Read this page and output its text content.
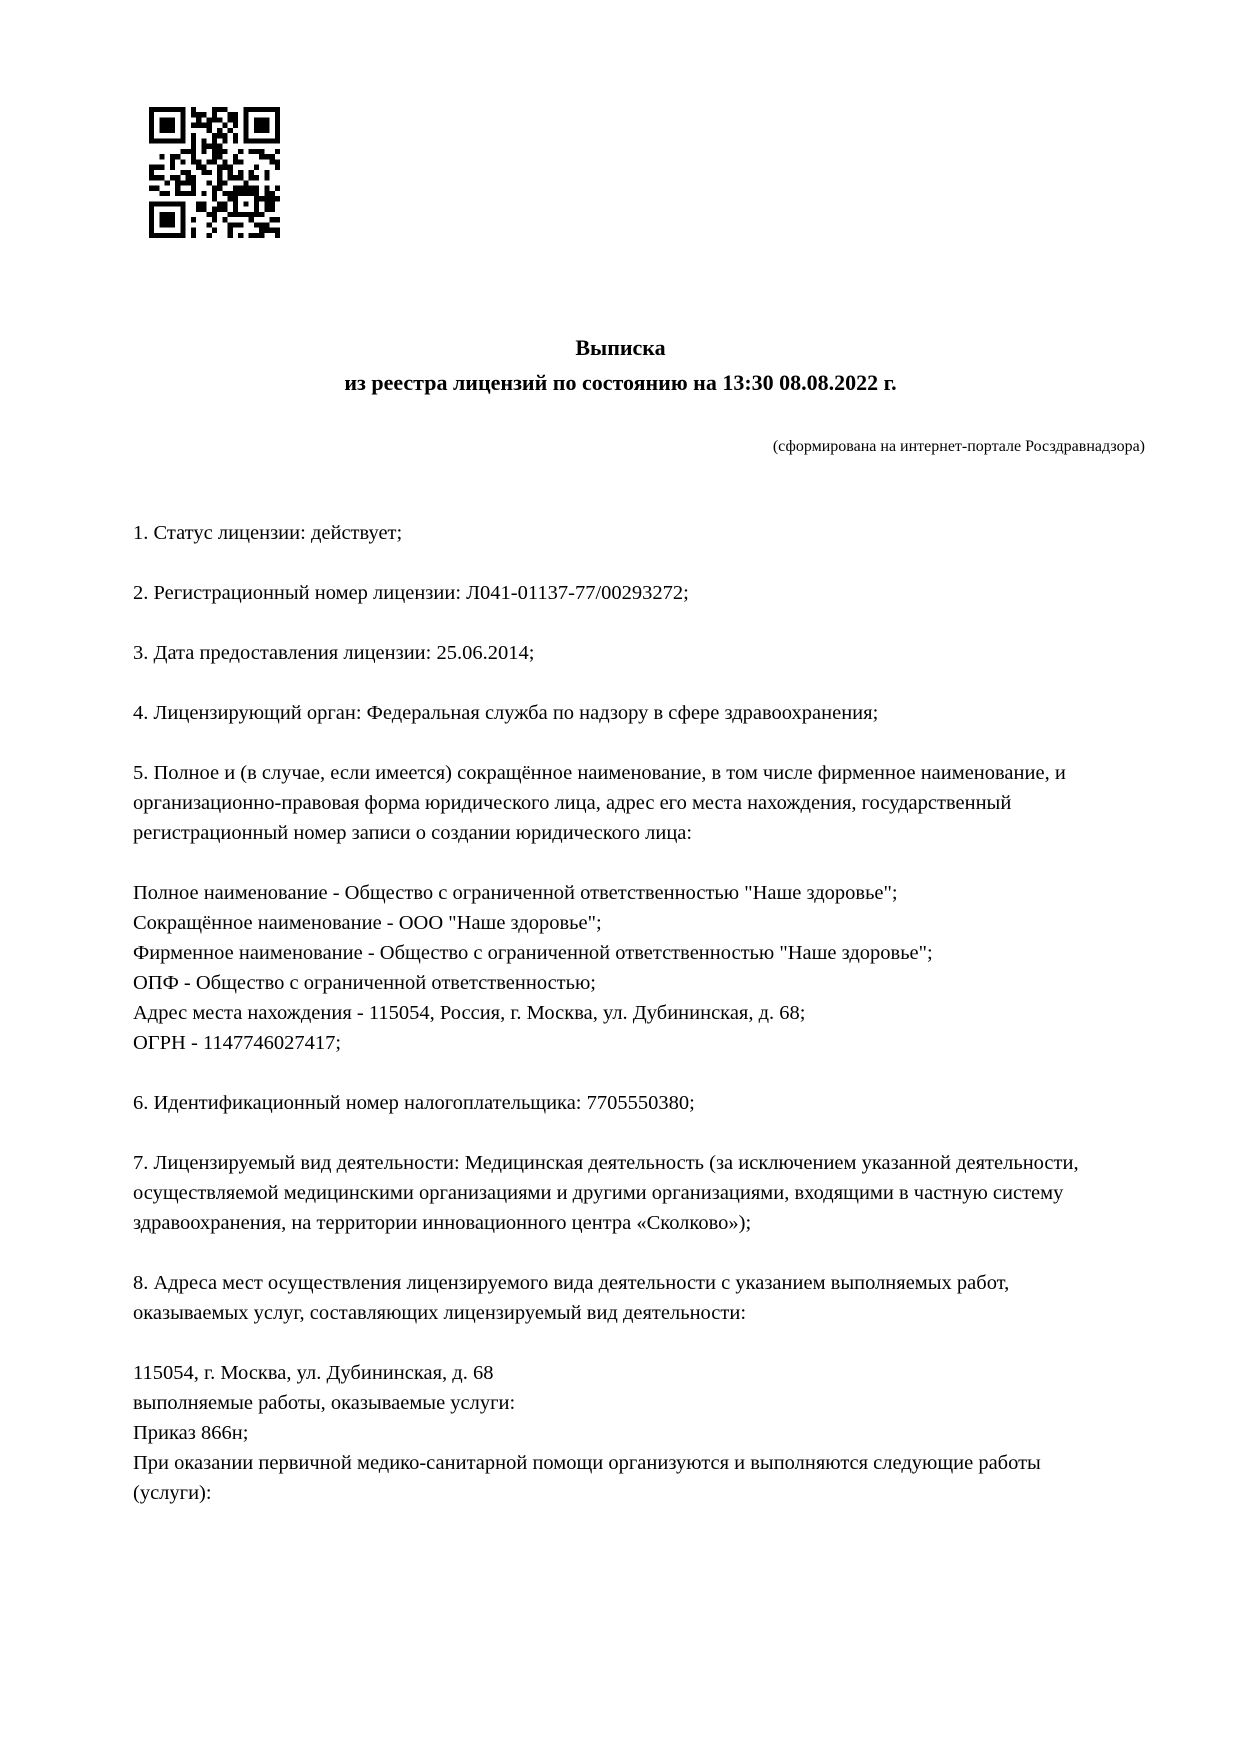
Выписка
из реестра лицензий по состоянию на 13:30 08.08.2022 г.
(сформирована на интернет-портале Росздравнадзора)
1. Статус лицензии: действует;
2. Регистрационный номер лицензии: Л041-01137-77/00293272;
3. Дата предоставления лицензии: 25.06.2014;
4. Лицензирующий орган: Федеральная служба по надзору в сфере здравоохранения;
5. Полное и (в случае, если имеется) сокращённое наименование, в том числе фирменное наименование, и организационно-правовая форма юридического лица, адрес его места нахождения, государственный регистрационный номер записи о создании юридического лица:
Полное наименование - Общество с ограниченной ответственностью "Наше здоровье";
Сокращённое наименование - ООО "Наше здоровье";
Фирменное наименование - Общество с ограниченной ответственностью "Наше здоровье";
ОПФ - Общество с ограниченной ответственностью;
Адрес места нахождения - 115054, Россия, г. Москва, ул. Дубининская, д. 68;
ОГРН - 1147746027417;
6. Идентификационный номер налогоплательщика: 7705550380;
7. Лицензируемый вид деятельности: Медицинская деятельность (за исключением указанной деятельности, осуществляемой медицинскими организациями и другими организациями, входящими в частную систему здравоохранения, на территории инновационного центра «Сколково»);
8. Адреса мест осуществления лицензируемого вида деятельности с указанием выполняемых работ, оказываемых услуг, составляющих лицензируемый вид деятельности:
115054, г. Москва, ул. Дубининская, д. 68
выполняемые работы, оказываемые услуги:
Приказ 866н;
При оказании первичной медико-санитарной помощи организуются и выполняются следующие работы (услуги):
